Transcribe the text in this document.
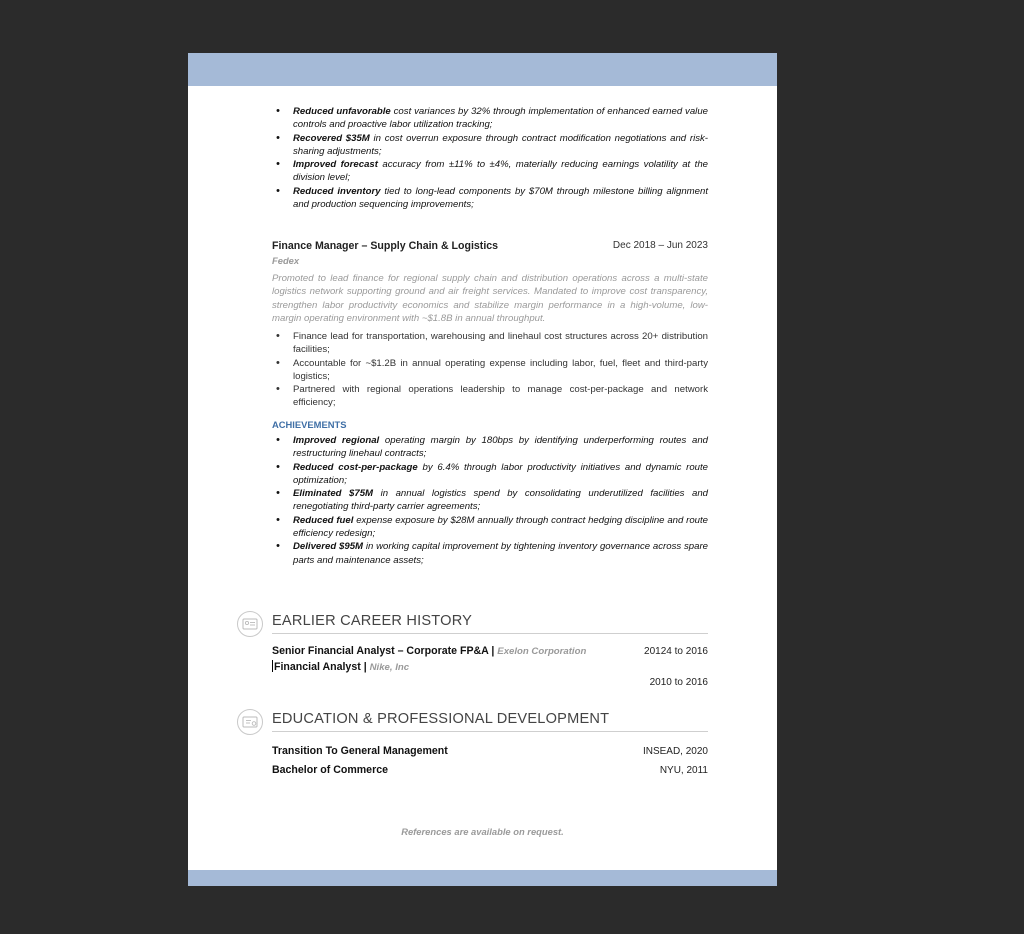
• Reduced unfavorable cost variances by 32% through implementation of enhanced earned value controls and proactive labor utilization tracking;
• Recovered $35M in cost overrun exposure through contract modification negotiations and risk-sharing adjustments;
• Improved forecast accuracy from ±11% to ±4%, materially reducing earnings volatility at the division level;
• Reduced inventory tied to long-lead components by $70M through milestone billing alignment and production sequencing improvements;
Finance Manager – Supply Chain & Logistics	Dec 2018 – Jun 2023
Fedex
Promoted to lead finance for regional supply chain and distribution operations across a multi-state logistics network supporting ground and air freight services. Mandated to improve cost transparency, strengthen labor productivity economics and stabilize margin performance in a high-volume, low-margin operating environment with ~$1.8B in annual throughput.
• Finance lead for transportation, warehousing and linehaul cost structures across 20+ distribution facilities;
• Accountable for ~$1.2B in annual operating expense including labor, fuel, fleet and third-party logistics;
• Partnered with regional operations leadership to manage cost-per-package and network efficiency;
ACHIEVEMENTS
• Improved regional operating margin by 180bps by identifying underperforming routes and restructuring linehaul contracts;
• Reduced cost-per-package by 6.4% through labor productivity initiatives and dynamic route optimization;
• Eliminated $75M in annual logistics spend by consolidating underutilized facilities and renegotiating third-party carrier agreements;
• Reduced fuel expense exposure by $28M annually through contract hedging discipline and route efficiency redesign;
• Delivered $95M in working capital improvement by tightening inventory governance across spare parts and maintenance assets;
EARLIER CAREER HISTORY
Senior Financial Analyst – Corporate FP&A | Exelon Corporation	20124 to 2016
Financial Analyst | Nike, Inc
2010 to 2016
EDUCATION & PROFESSIONAL DEVELOPMENT
Transition To General Management	INSEAD, 2020
Bachelor of Commerce	NYU, 2011
References are available on request.
